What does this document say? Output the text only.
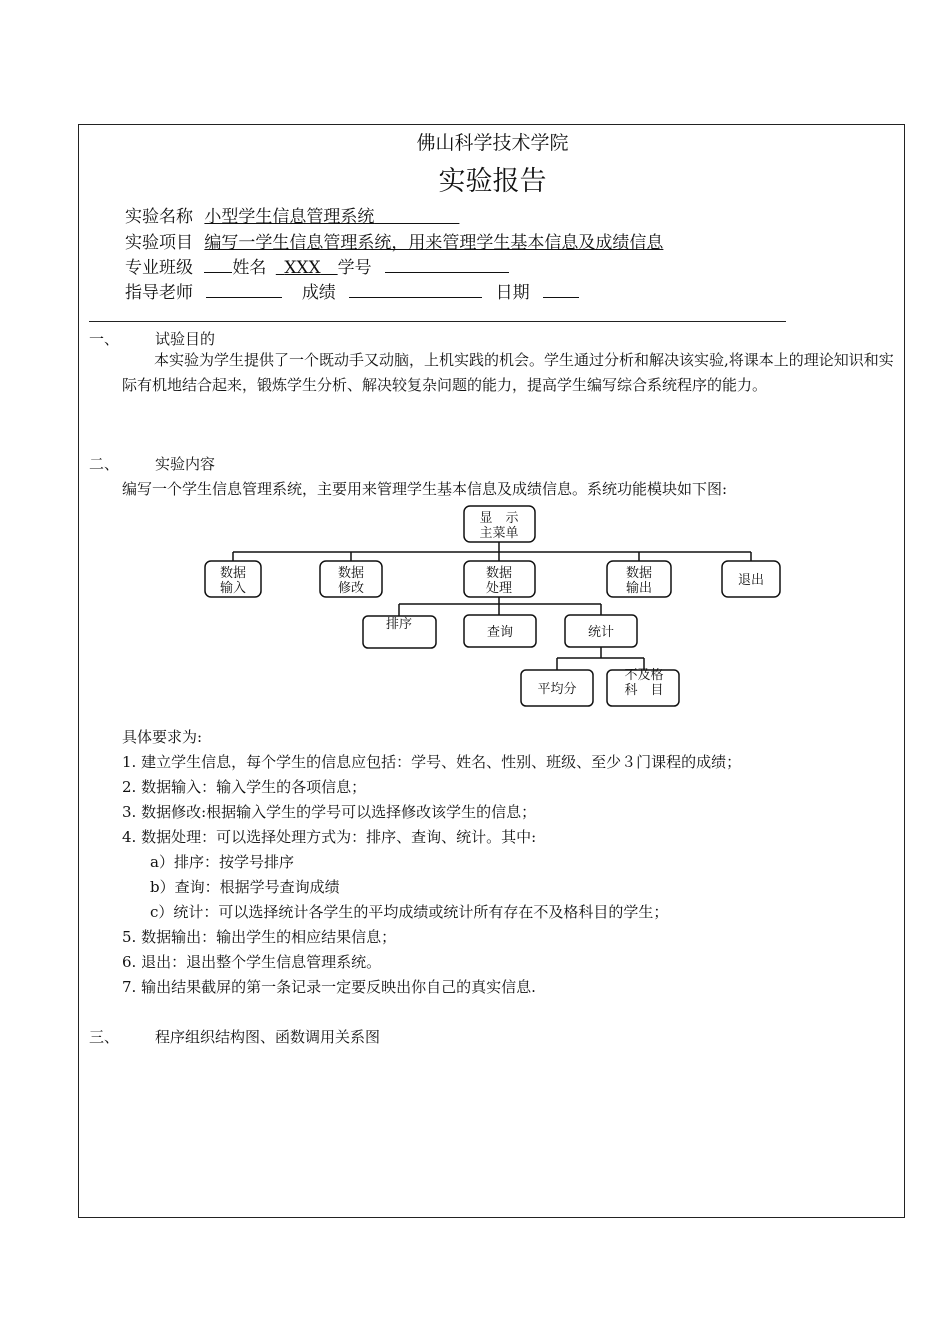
佛山科学技术学院
实验报告
实验名称 小型学生信息管理系统     
实验项目 编写一学生信息管理系统，用来管理学生基本信息及成绩信息
专业班级 姓名   XXX   学号
指导老师	成绩	日期
一、 试验目的
本实验为学生提供了一个既动手又动脑，上机实践的机会。学生通过分析和解决该实验,将课本上的理论知识和实际有机地结合起来，锻炼学生分析、解决较复杂问题的能力，提高学生编写综合系统程序的能力。
二、 实验内容
编写一个学生信息管理系统，主要用来管理学生基本信息及成绩信息。系统功能模块如下图:
显　示
主菜单
数据
输入
数据
修改
数据
处理
数据
输出
退出
排序
查询	统计
平均分
不及格
科　目
具体要求为:
1. 建立学生信息，每个学生的信息应包括：学号、姓名、性别、班级、至少３门课程的成绩；
2. 数据输入：输入学生的各项信息；
3. 数据修改:根据输入学生的学号可以选择修改该学生的信息；
4. 数据处理：可以选择处理方式为：排序、查询、统计。其中:
a）排序：按学号排序
b）查询：根据学号查询成绩
c）统计：可以选择统计各学生的平均成绩或统计所有存在不及格科目的学生；
5. 数据输出：输出学生的相应结果信息；
6. 退出：退出整个学生信息管理系统。
7. 输出结果截屏的第一条记录一定要反映出你自己的真实信息.
三、 程序组织结构图、函数调用关系图
